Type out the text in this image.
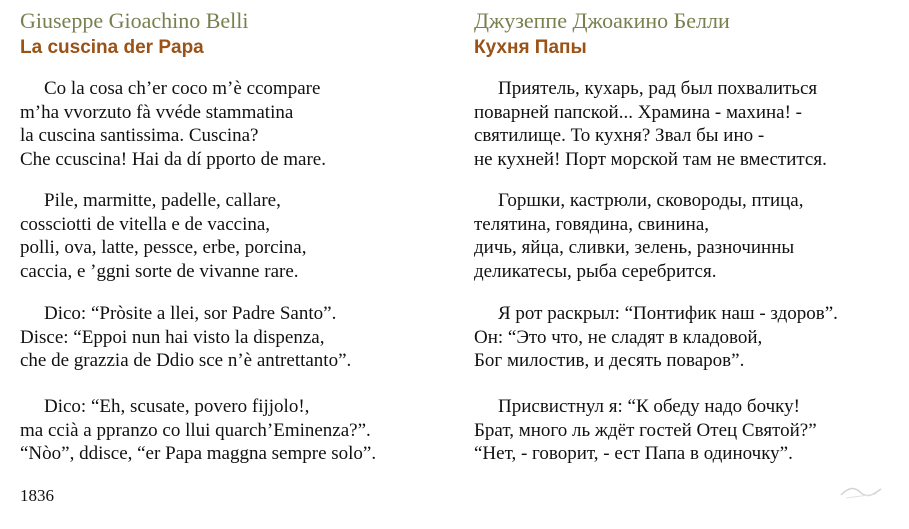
Giuseppe Gioachino Belli
La cuscina der Papa
Co la cosa ch’er coco m’è ccompare
m’ha vvorzuto fà vvéde stammatina
la cuscina santissima. Cuscina?
Che ccuscina! Hai da dí pporto de mare.
Pile, marmitte, padelle, callare,
cossciotti de vitella e de vaccina,
polli, ova, latte, pessce, erbe, porcina,
caccia, e ’ggni sorte de vivanne rare.
Dico: “Pròsite a llei, sor Padre Santo”.
Disce: “Eppoi nun hai visto la dispenza,
che de grazzia de Ddio sce n’è antrettanto”.
Dico: “Eh, scusate, povero fijjolo!,
ma ccià a ppranzo co llui quarch’Eminenza?”.
“Nòo”, ddisce, “er Papa maggna sempre solo”.
Джузеппе Джоакино Белли
Кухня Папы
Приятель, кухарь, рад был похвалиться
поварней папской... Храмина - махина! -
святилище. То кухня? Звал бы ино -
не кухней! Порт морской там не вместится.
Горшки, кастрюли, сковороды, птица,
телятина, говядина, свинина,
дичь, яйца, сливки, зелень, разночинны
деликатесы, рыба серебрится.
Я рот раскрыл: “Понтифик наш - здоров”.
Он: “Это что, не сладят в кладовой,
Бог милостив, и десять поваров”.
Присвистнул я: “К обеду надо бочку!
Брат, много ль ждёт гостей Отец Святой?”
“Нет, - говорит, - ест Папа в одиночку”.
1836
